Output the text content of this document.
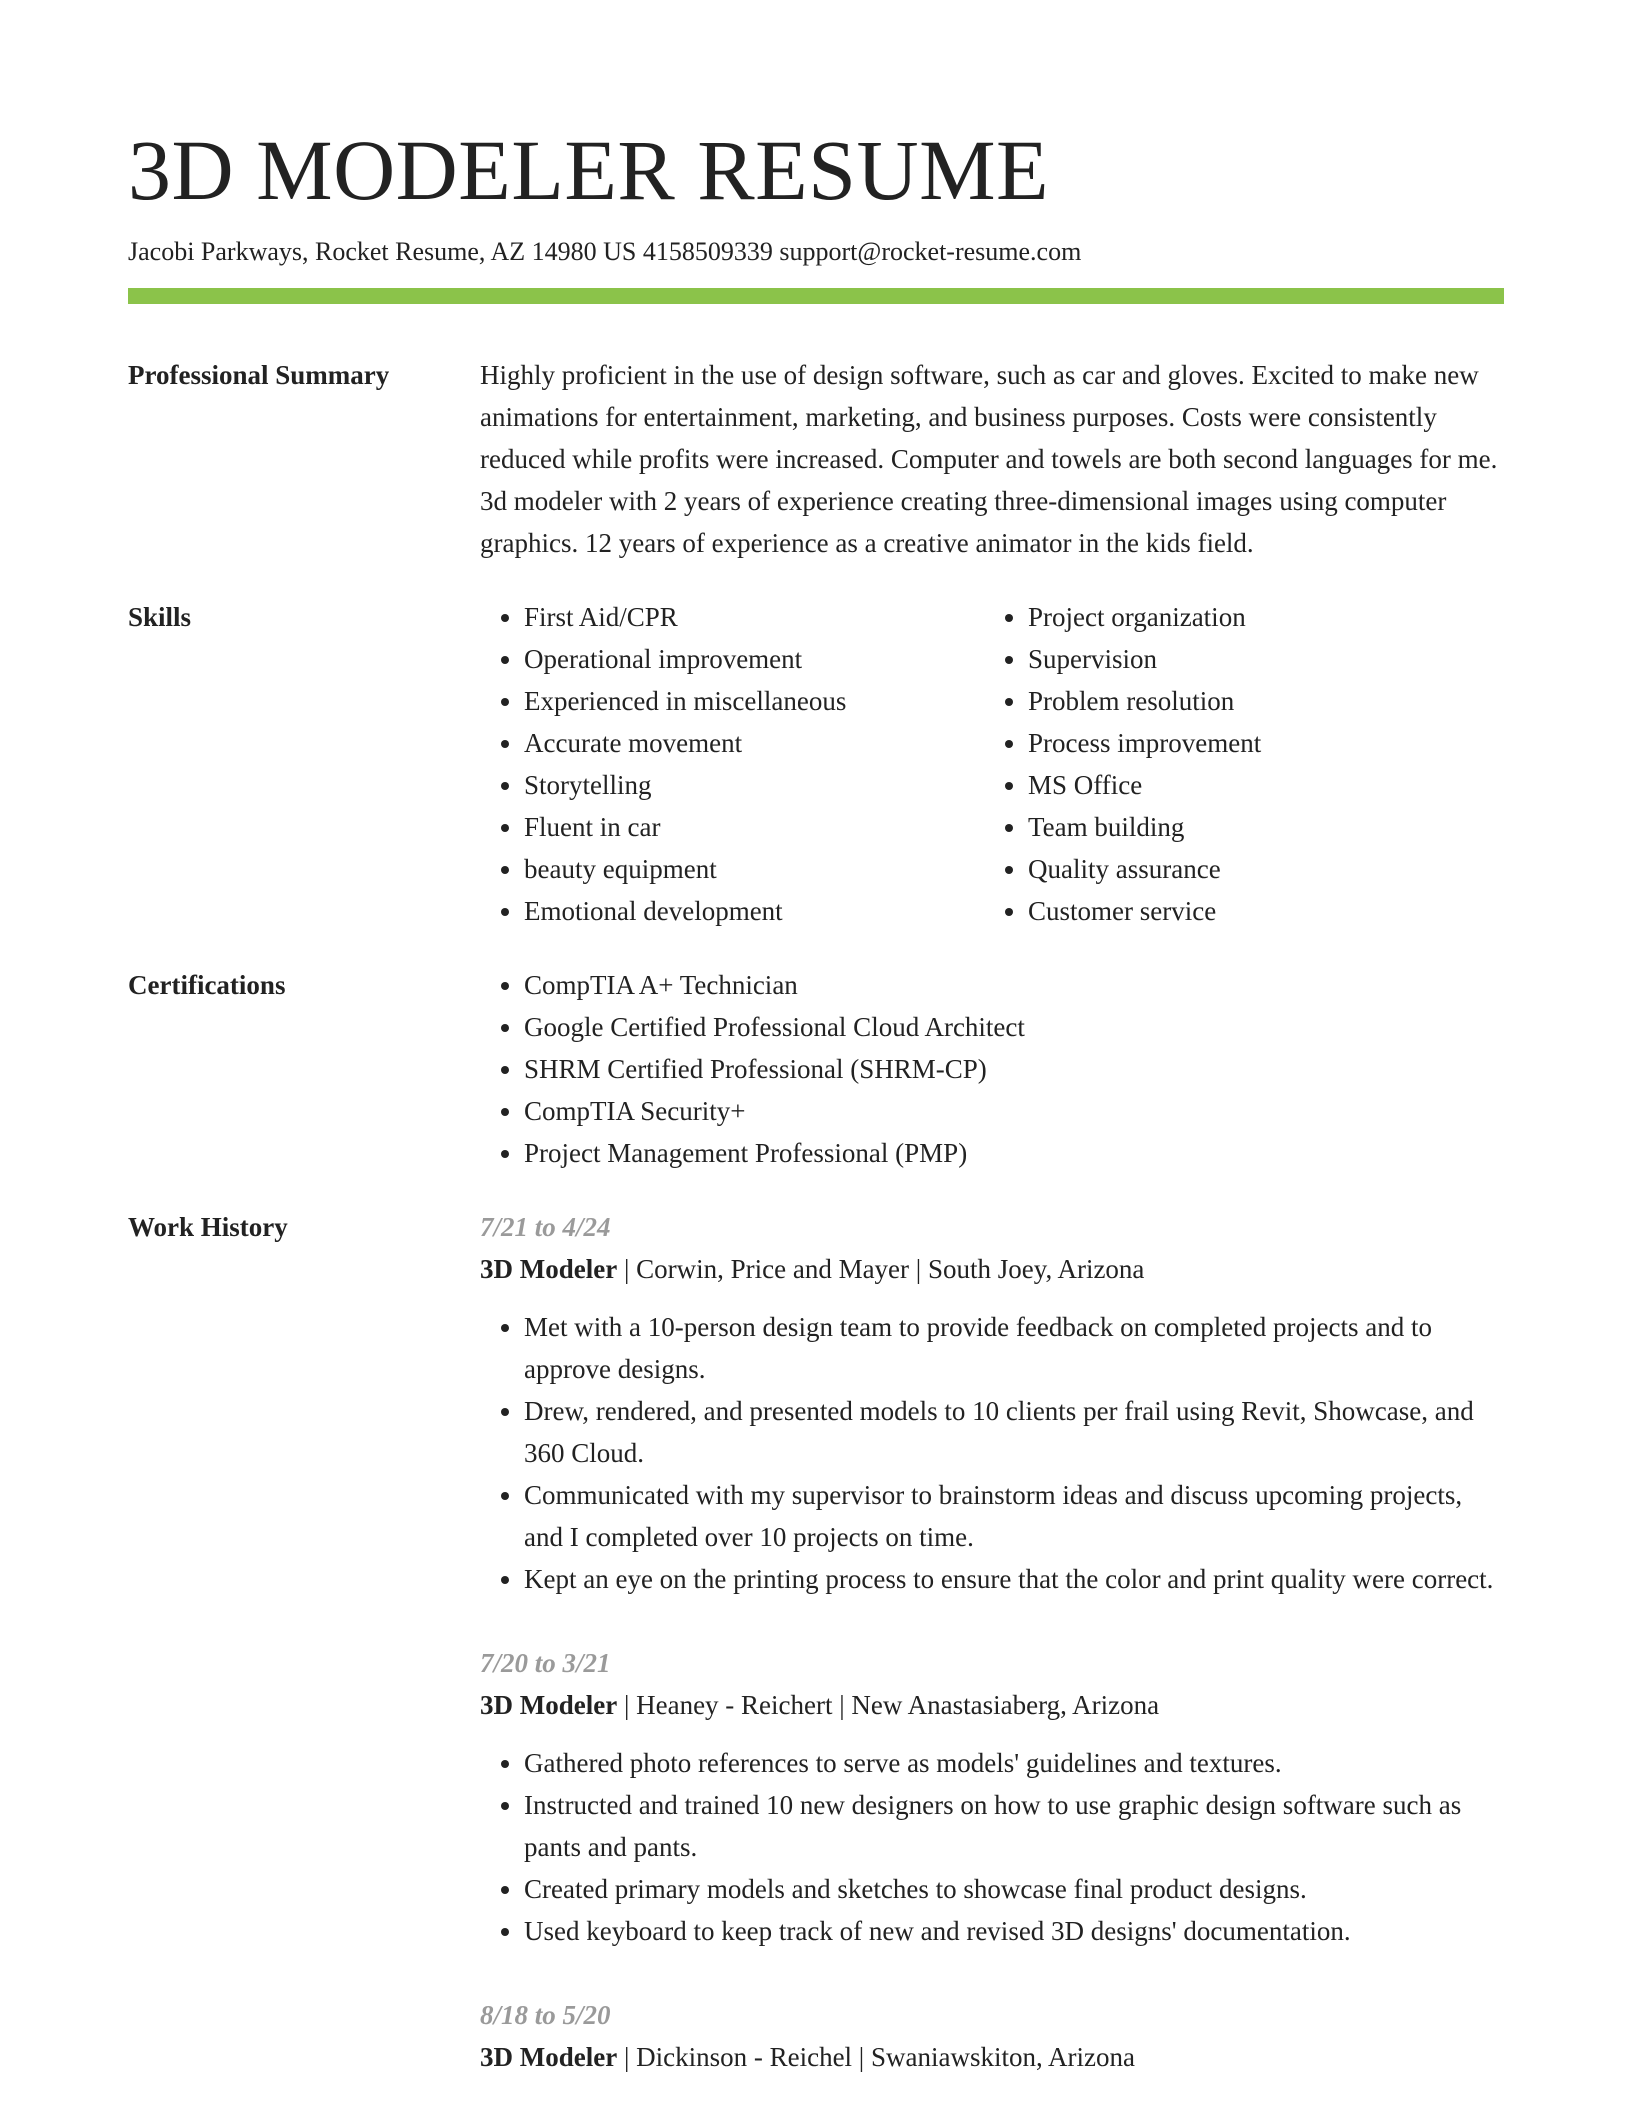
3D MODELER RESUME
Jacobi Parkways, Rocket Resume, AZ 14980 US 4158509339 support@rocket-resume.com
Professional Summary	Highly proficient in the use of design software, such as car and gloves. Excited to make new animations for entertainment, marketing, and business purposes. Costs were consistently reduced while profits were increased. Computer and towels are both second languages for me. 3d modeler with 2 years of experience creating three-dimensional images using computer graphics. 12 years of experience as a creative animator in the kids field.

Skills	• First Aid/CPR
• Operational improvement
• Experienced in miscellaneous
• Accurate movement
• Storytelling
• Fluent in car
• beauty equipment
• Emotional development
• Project organization
• Supervision
• Problem resolution
• Process improvement
• MS Office
• Team building
• Quality assurance
• Customer service
Certifications	• CompTIA A+ Technician
• Google Certified Professional Cloud Architect
• SHRM Certified Professional (SHRM-CP)
• CompTIA Security+
• Project Management Professional (PMP)
Work History	7/21 to 4/24

3D Modeler | Corwin, Price and Mayer | South Joey, Arizona

• Met with a 10-person design team to provide feedback on completed projects and to approve designs.
• Drew, rendered, and presented models to 10 clients per frail using Revit, Showcase, and 360 Cloud.
• Communicated with my supervisor to brainstorm ideas and discuss upcoming projects, and I completed over 10 projects on time.
• Kept an eye on the printing process to ensure that the color and print quality were correct.

7/20 to 3/21

3D Modeler | Heaney - Reichert | New Anastasiaberg, Arizona

• Gathered photo references to serve as models' guidelines and textures.
• Instructed and trained 10 new designers on how to use graphic design software such as pants and pants.
• Created primary models and sketches to showcase final product designs.
• Used keyboard to keep track of new and revised 3D designs' documentation.

8/18 to 5/20

3D Modeler | Dickinson - Reichel | Swaniawskiton, Arizona
